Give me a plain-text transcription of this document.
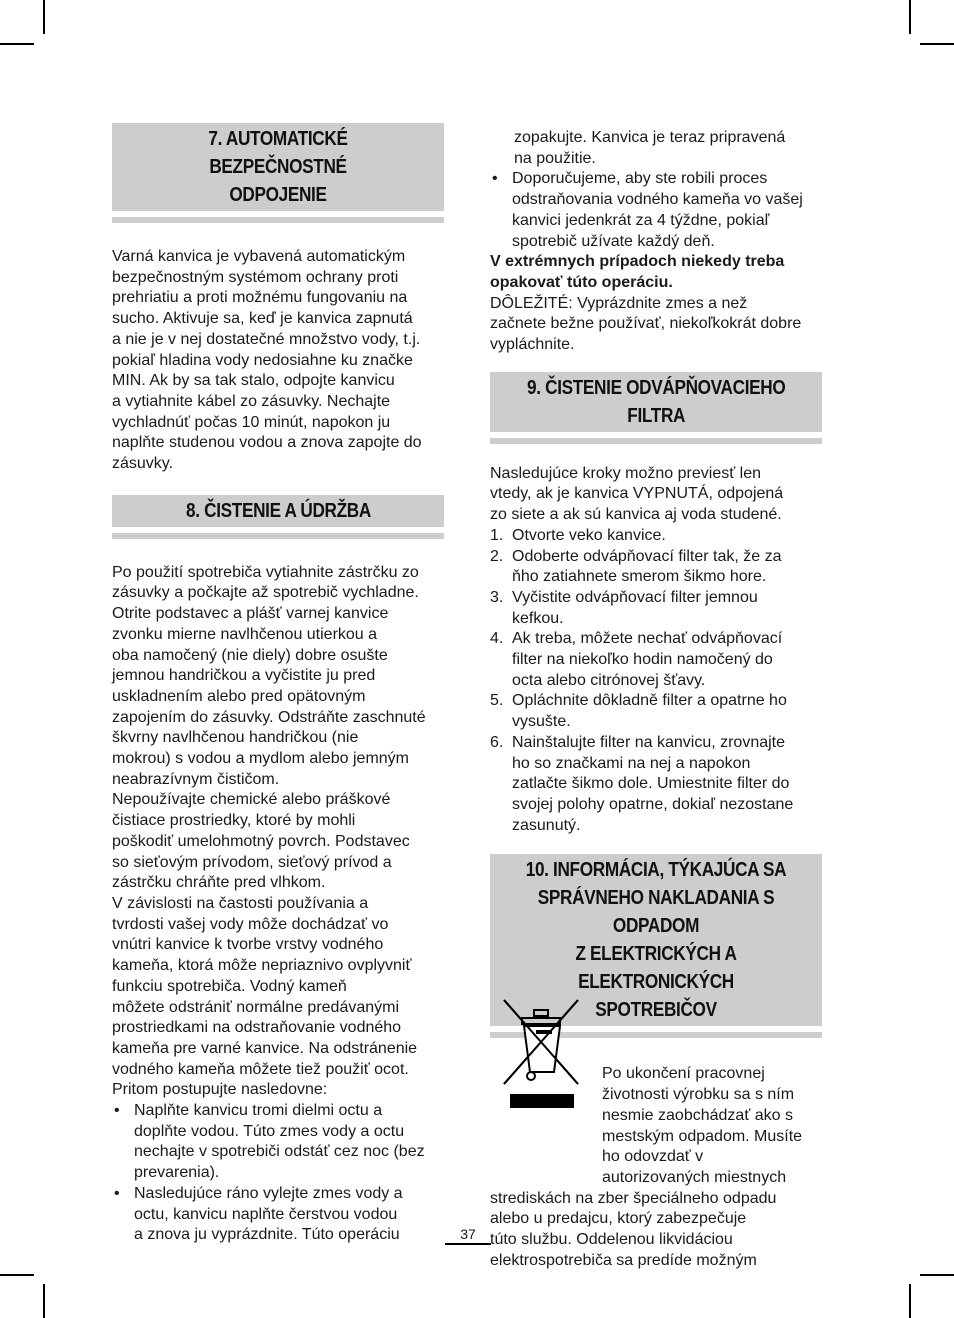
7. AUTOMATICKÉ BEZPEČNOSTNÉ
ODPOJENIE

Varná kanvica je vybavená automatickým
bezpečnostným systémom ochrany proti
prehriatiu a proti možnému fungovaniu na
sucho. Aktivuje sa, keď je kanvica zapnutá
a nie je v nej dostatečné množstvo vody, t.j.
pokiaľ hladina vody nedosiahne ku značke
MIN. Ak by sa tak stalo, odpojte kanvicu
a vytiahnite kábel zo zásuvky. Nechajte
vychladnúť počas 10 minút, napokon ju
naplňte studenou vodou a znova zapojte do
zásuvky.

8. ČISTENIE A ÚDRŽBA

Po použití spotrebiča vytiahnite zástrčku zo
zásuvky a počkajte až spotrebič vychladne.
Otrite podstavec a plášť varnej kanvice
zvonku mierne navlhčenou utierkou a
oba namočený (nie diely) dobre osušte
jemnou handričkou a vyčistite ju pred
uskladnením alebo pred opätovným
zapojením do zásuvky. Odstráňte zaschnuté
škvrny navlhčenou handričkou (nie
mokrou) s vodou a mydlom alebo jemným
neabrazívnym čističom.
Nepoužívajte chemické alebo práškové
čistiace prostriedky, ktoré by mohli
poškodiť umelohmotný povrch. Podstavec
so sieťovým prívodom, sieťový prívod a
zástrčku chráňte pred vlhkom.
V závislosti na častosti používania a
tvrdosti vašej vody môže dochádzať vo
vnútri kanvice k tvorbe vrstvy vodného
kameňa, ktorá môže nepriaznivo ovplyvniť
funkciu spotrebiča. Vodný kameň
môžete odstrániť normálne predávanými
prostriedkami na odstraňovanie vodného
kameňa pre varné kanvice. Na odstránenie
vodného kameňa môžete tiež použiť ocot.
Pritom postupujte nasledovne:

• Naplňte kanvicu tromi dielmi octu a
doplňte vodou. Túto zmes vody a octu
nechajte v spotrebiči odstáť cez noc (bez
prevarenia).
• Nasledujúce ráno vylejte zmes vody a
octu, kanvicu naplňte čerstvou vodou
a znova ju vyprázdnite. Túto operáciu

zopakujte. Kanvica je teraz pripravená
na použitie.

• Doporučujeme, aby ste robili proces
odstraňovania vodného kameňa vo vašej
kanvici jedenkrát za 4 týždne, pokiaľ
spotrebič užívate každý deň.

V extrémnych prípadoch niekedy treba
opakovať túto operáciu.

DÔLEŽITÉ: Vyprázdnite zmes a než
začnete bežne používať, niekoľkokrát dobre
vypláchnite.

9. ČISTENIE ODVÁPŇOVACIEHO
FILTRA

Nasledujúce kroky možno previesť len
vtedy, ak je kanvica VYPNUTÁ, odpojená
zo siete a ak sú kanvica aj voda studené.

1. Otvorte veko kanvice.
2. Odoberte odvápňovací filter tak, že za
ňho zatiahnete smerom šikmo hore.
3. Vyčistite odvápňovací filter jemnou
kefkou.
4. Ak treba, môžete nechať odvápňovací
filter na niekoľko hodin namočený do
octa alebo citrónovej šťavy.
5. Opláchnite dôkladně filter a opatrne ho
vysušte.
6. Nainštalujte filter na kanvicu, zrovnajte
ho so značkami na nej a napokon
zatlačte šikmo dole. Umiestnite filter do
svojej polohy opatrne, dokiaľ nezostane
zasunutý.
10. INFORMÁCIA, TÝKAJÚCA SA
SPRÁVNEHO NAKLADANIA S ODPADOM
Z ELEKTRICKÝCH A ELEKTRONICKÝCH
SPOTREBIČOV

Po ukončení pracovnej
životnosti výrobku sa s ním
nesmie zaobchádzať ako s
mestským odpadom. Musíte
ho odovzdať v
autorizovaných miestnych

strediskách na zber špeciálneho odpadu
alebo u predajcu, ktorý zabezpečuje
túto službu. Oddelenou likvidáciou
elektrospotrebiča sa predíde možným

37
